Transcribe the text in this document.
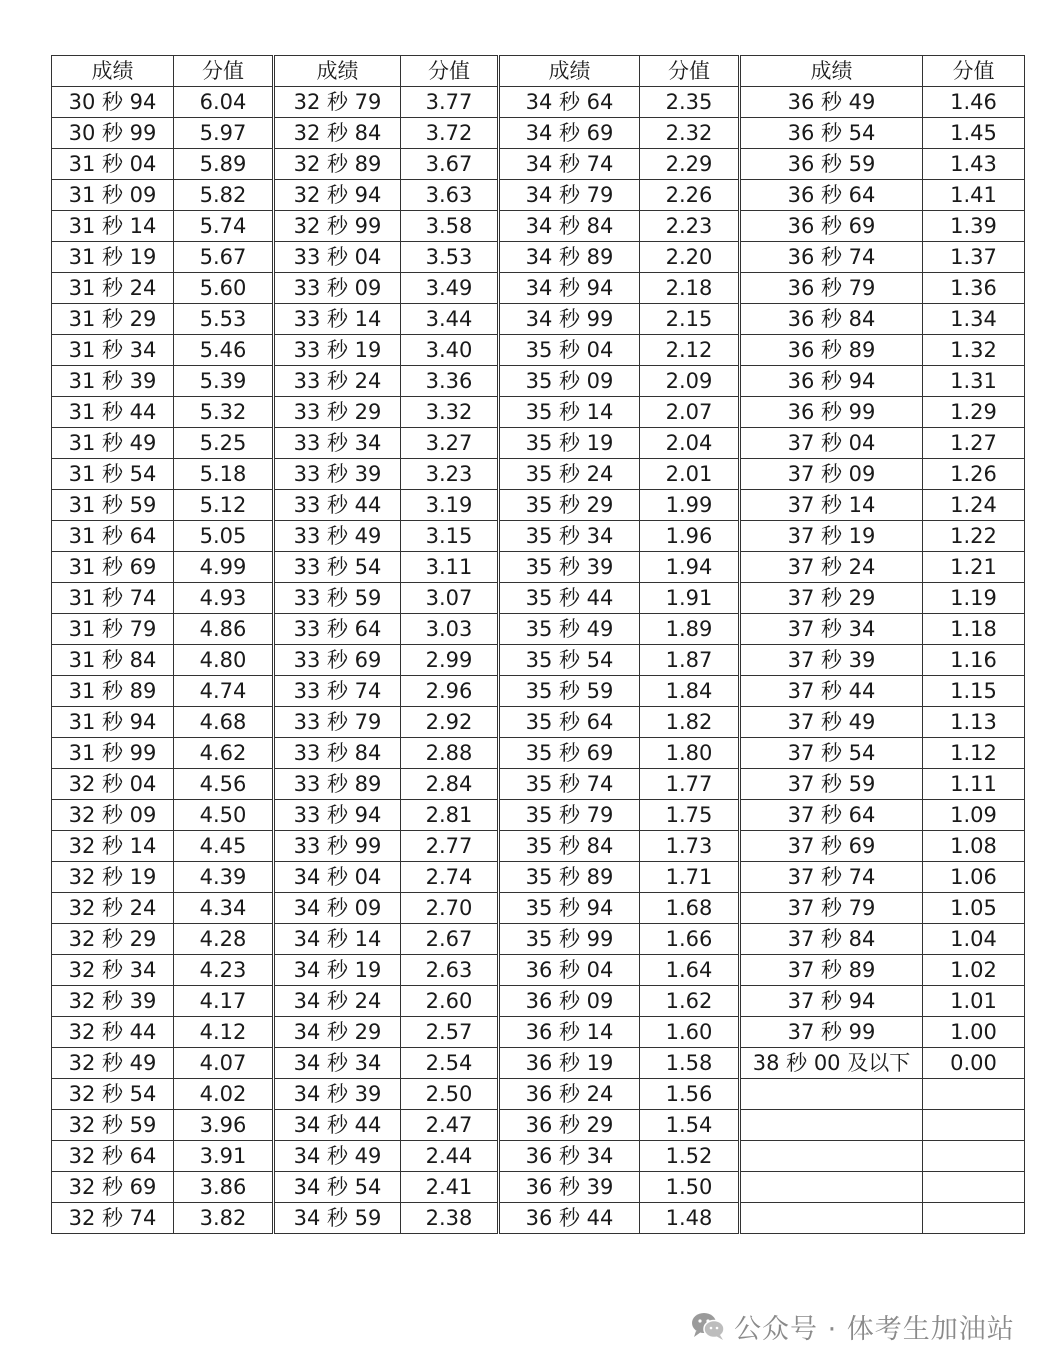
成绩	分值	成绩	分值	成绩	分值	成绩	分值
30 秒 94	6.04	32 秒 79	3.77	34 秒 64	2.35	36 秒 49	1.46
30 秒 99	5.97	32 秒 84	3.72	34 秒 69	2.32	36 秒 54	1.45
31 秒 04	5.89	32 秒 89	3.67	34 秒 74	2.29	36 秒 59	1.43
31 秒 09	5.82	32 秒 94	3.63	34 秒 79	2.26	36 秒 64	1.41
31 秒 14	5.74	32 秒 99	3.58	34 秒 84	2.23	36 秒 69	1.39
31 秒 19	5.67	33 秒 04	3.53	34 秒 89	2.20	36 秒 74	1.37
31 秒 24	5.60	33 秒 09	3.49	34 秒 94	2.18	36 秒 79	1.36
31 秒 29	5.53	33 秒 14	3.44	34 秒 99	2.15	36 秒 84	1.34
31 秒 34	5.46	33 秒 19	3.40	35 秒 04	2.12	36 秒 89	1.32
31 秒 39	5.39	33 秒 24	3.36	35 秒 09	2.09	36 秒 94	1.31
31 秒 44	5.32	33 秒 29	3.32	35 秒 14	2.07	36 秒 99	1.29
31 秒 49	5.25	33 秒 34	3.27	35 秒 19	2.04	37 秒 04	1.27
31 秒 54	5.18	33 秒 39	3.23	35 秒 24	2.01	37 秒 09	1.26
31 秒 59	5.12	33 秒 44	3.19	35 秒 29	1.99	37 秒 14	1.24
31 秒 64	5.05	33 秒 49	3.15	35 秒 34	1.96	37 秒 19	1.22
31 秒 69	4.99	33 秒 54	3.11	35 秒 39	1.94	37 秒 24	1.21
31 秒 74	4.93	33 秒 59	3.07	35 秒 44	1.91	37 秒 29	1.19
31 秒 79	4.86	33 秒 64	3.03	35 秒 49	1.89	37 秒 34	1.18
31 秒 84	4.80	33 秒 69	2.99	35 秒 54	1.87	37 秒 39	1.16
31 秒 89	4.74	33 秒 74	2.96	35 秒 59	1.84	37 秒 44	1.15
31 秒 94	4.68	33 秒 79	2.92	35 秒 64	1.82	37 秒 49	1.13
31 秒 99	4.62	33 秒 84	2.88	35 秒 69	1.80	37 秒 54	1.12
32 秒 04	4.56	33 秒 89	2.84	35 秒 74	1.77	37 秒 59	1.11
32 秒 09	4.50	33 秒 94	2.81	35 秒 79	1.75	37 秒 64	1.09
32 秒 14	4.45	33 秒 99	2.77	35 秒 84	1.73	37 秒 69	1.08
32 秒 19	4.39	34 秒 04	2.74	35 秒 89	1.71	37 秒 74	1.06
32 秒 24	4.34	34 秒 09	2.70	35 秒 94	1.68	37 秒 79	1.05
32 秒 29	4.28	34 秒 14	2.67	35 秒 99	1.66	37 秒 84	1.04
32 秒 34	4.23	34 秒 19	2.63	36 秒 04	1.64	37 秒 89	1.02
32 秒 39	4.17	34 秒 24	2.60	36 秒 09	1.62	37 秒 94	1.01
32 秒 44	4.12	34 秒 29	2.57	36 秒 14	1.60	37 秒 99	1.00
32 秒 49	4.07	34 秒 34	2.54	36 秒 19	1.58	38 秒 00 及以下	0.00
32 秒 54	4.02	34 秒 39	2.50	36 秒 24	1.56		
32 秒 59	3.96	34 秒 44	2.47	36 秒 29	1.54		
32 秒 64	3.91	34 秒 49	2.44	36 秒 34	1.52		
32 秒 69	3.86	34 秒 54	2.41	36 秒 39	1.50		
32 秒 74	3.82	34 秒 59	2.38	36 秒 44	1.48		
公众号 · 体考生加油站
